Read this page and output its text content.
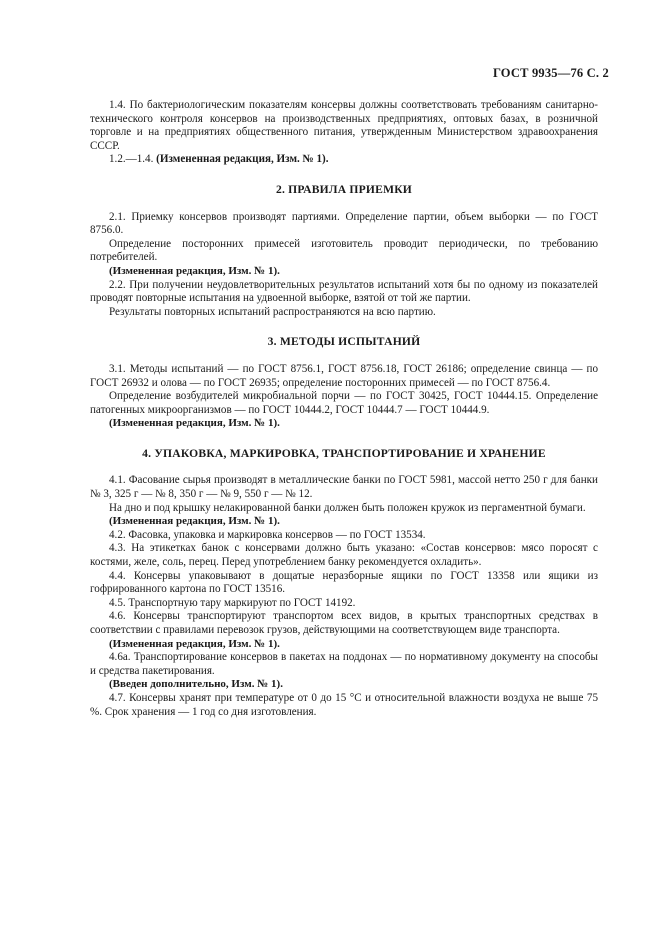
ГОСТ 9935—76 С. 2

1.4. По бактериологическим показателям консервы должны соответствовать требованиям санитарно-технического контроля консервов на производственных предприятиях, оптовых базах, в розничной торговле и на предприятиях общественного питания, утвержденным Министерством здравоохранения СССР.

1.2.—1.4. (Измененная редакция, Изм. № 1).

2. ПРАВИЛА ПРИЕМКИ

2.1. Приемку консервов производят партиями. Определение партии, объем выборки — по ГОСТ 8756.0.

Определение посторонних примесей изготовитель проводит периодически, по требованию потребителей.

(Измененная редакция, Изм. № 1).

2.2. При получении неудовлетворительных результатов испытаний хотя бы по одному из показателей проводят повторные испытания на удвоенной выборке, взятой от той же партии.

Результаты повторных испытаний распространяются на всю партию.

3. МЕТОДЫ ИСПЫТАНИЙ

3.1. Методы испытаний — по ГОСТ 8756.1, ГОСТ 8756.18, ГОСТ 26186; определение свинца — по ГОСТ 26932 и олова — по ГОСТ 26935; определение посторонних примесей — по ГОСТ 8756.4.

Определение возбудителей микробиальной порчи — по ГОСТ 30425, ГОСТ 10444.15. Определение патогенных микроорганизмов — по ГОСТ 10444.2, ГОСТ 10444.7 — ГОСТ 10444.9.

(Измененная редакция, Изм. № 1).

4. УПАКОВКА, МАРКИРОВКА, ТРАНСПОРТИРОВАНИЕ И ХРАНЕНИЕ

4.1. Фасование сырья производят в металлические банки по ГОСТ 5981, массой нетто 250 г для банки № 3, 325 г — № 8, 350 г — № 9, 550 г — № 12.

На дно и под крышку нелакированной банки должен быть положен кружок из пергаментной бумаги.

(Измененная редакция, Изм. № 1).

4.2. Фасовка, упаковка и маркировка консервов — по ГОСТ 13534.

4.3. На этикетках банок с консервами должно быть указано: «Состав консервов: мясо поросят с костями, желе, соль, перец. Перед употреблением банку рекомендуется охладить».

4.4. Консервы упаковывают в дощатые неразборные ящики по ГОСТ 13358 или ящики из гофрированного картона по ГОСТ 13516.

4.5. Транспортную тару маркируют по ГОСТ 14192.

4.6. Консервы транспортируют транспортом всех видов, в крытых транспортных средствах в соответствии с правилами перевозок грузов, действующими на соответствующем виде транспорта.

(Измененная редакция, Изм. № 1).

4.6а. Транспортирование консервов в пакетах на поддонах — по нормативному документу на способы и средства пакетирования.

(Введен дополнительно, Изм. № 1).

4.7. Консервы хранят при температуре от 0 до 15 °С и относительной влажности воздуха не выше 75 %. Срок хранения — 1 год со дня изготовления.
